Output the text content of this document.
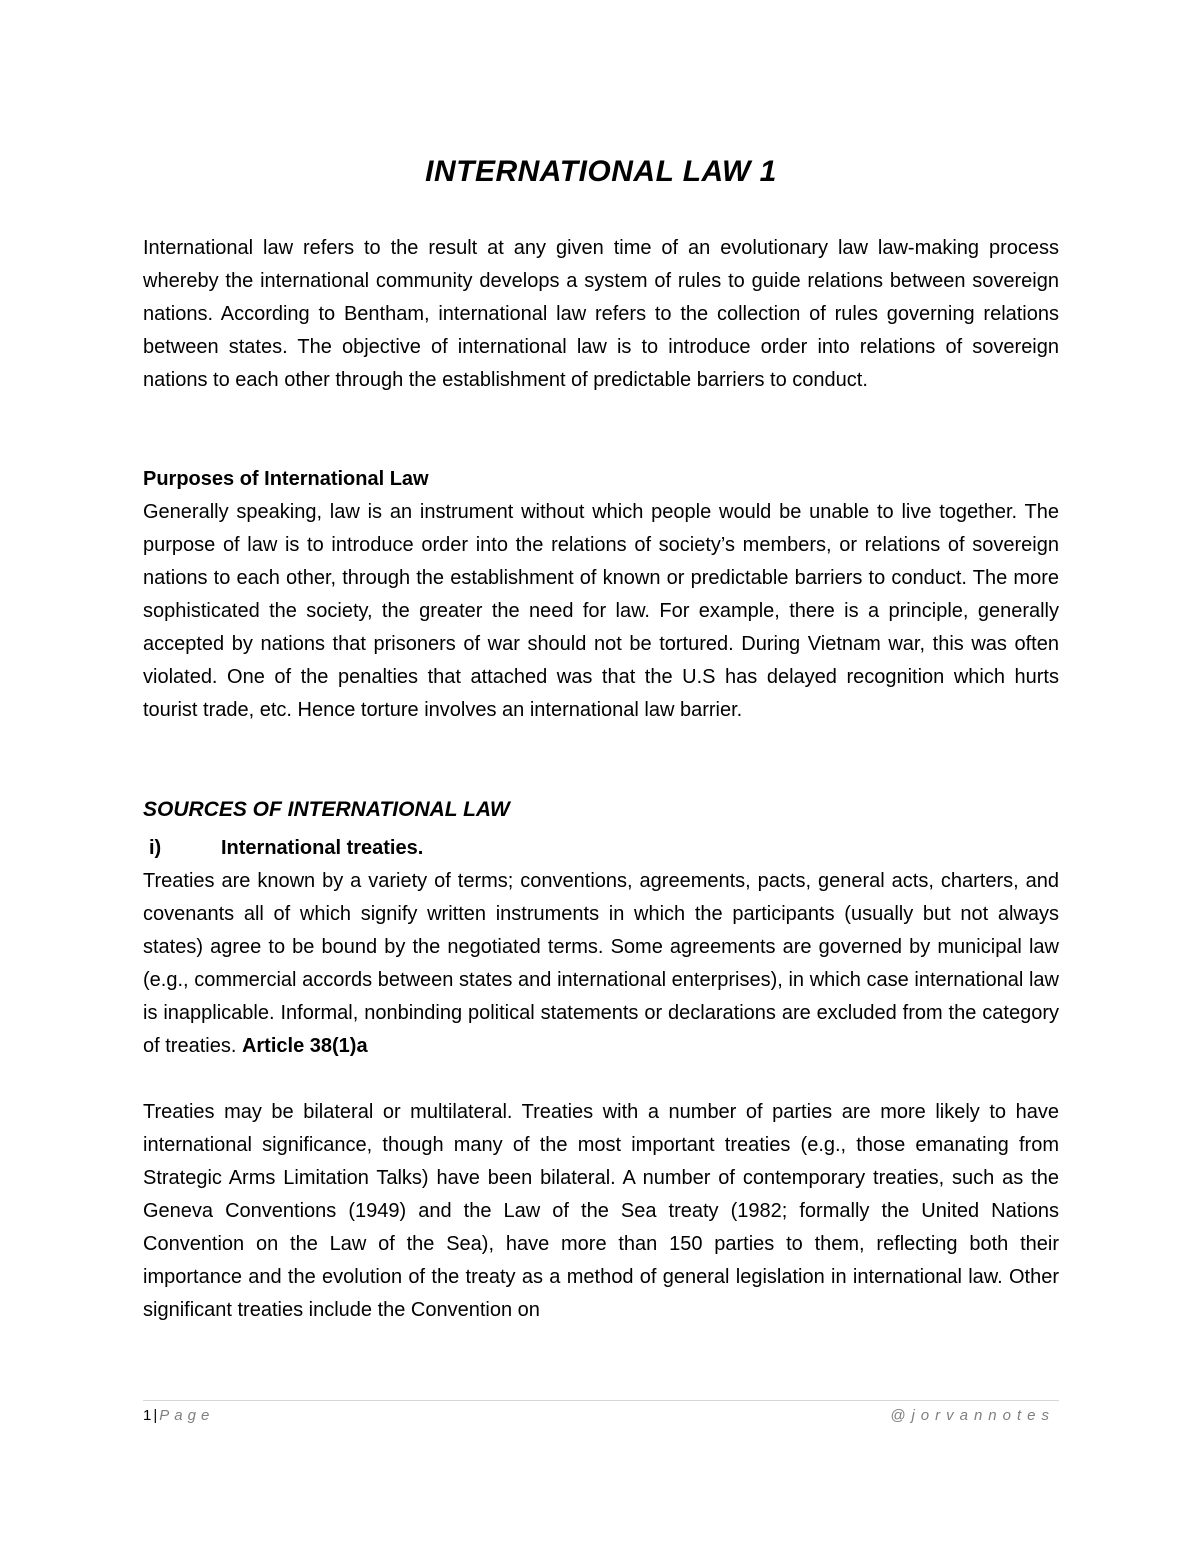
INTERNATIONAL LAW 1

International law refers to the result at any given time of an evolutionary law law-making process whereby the international community develops a system of rules to guide relations between sovereign nations. According to Bentham, international law refers to the collection of rules governing relations between states. The objective of international law is to introduce order into relations of sovereign nations to each other through the establishment of predictable barriers to conduct.

Purposes of International Law

Generally speaking, law is an instrument without which people would be unable to live together. The purpose of law is to introduce order into the relations of society’s members, or relations of sovereign nations to each other, through the establishment of known or predictable barriers to conduct. The more sophisticated the society, the greater the need for law. For example, there is a principle, generally accepted by nations that prisoners of war should not be tortured. During Vietnam war, this was often violated. One of the penalties that attached was that the U.S has delayed recognition which hurts tourist trade, etc. Hence torture involves an international law barrier.

SOURCES OF INTERNATIONAL LAW
i)	International treaties.

Treaties are known by a variety of terms; conventions, agreements, pacts, general acts, charters, and covenants all of which signify written instruments in which the participants (usually but not always states) agree to be bound by the negotiated terms. Some agreements are governed by municipal law (e.g., commercial accords between states and international enterprises), in which case international law is inapplicable. Informal, nonbinding political statements or declarations are excluded from the category of treaties. Article 38(1)a

Treaties may be bilateral or multilateral. Treaties with a number of parties are more likely to have international significance, though many of the most important treaties (e.g., those emanating from Strategic Arms Limitation Talks) have been bilateral. A number of contemporary treaties, such as the Geneva Conventions (1949) and the Law of the Sea treaty (1982; formally the United Nations Convention on the Law of the Sea), have more than 150 parties to them, reflecting both their importance and the evolution of the treaty as a method of general legislation in international law. Other significant treaties include the Convention on

1 | Page	@jorvannotes
